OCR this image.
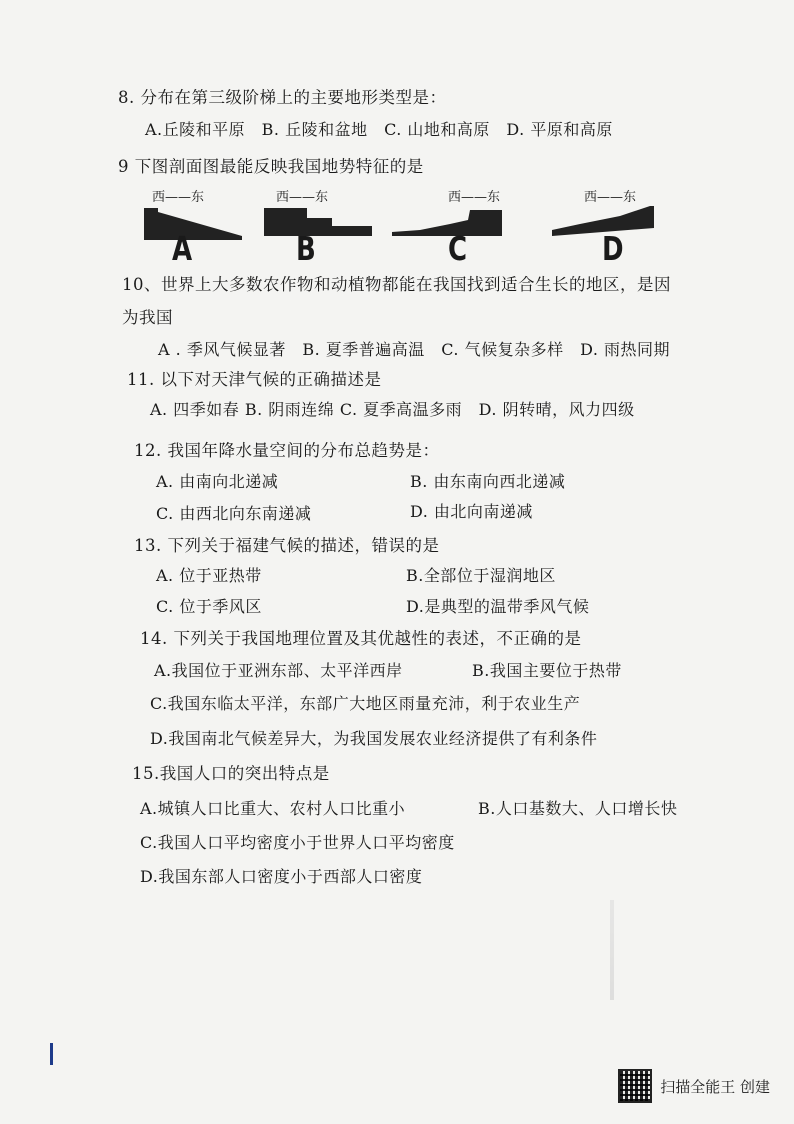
8. 分布在第三级阶梯上的主要地形类型是：
A.丘陵和平原　B. 丘陵和盆地　C. 山地和高原　D. 平原和高原
9 下图剖面图最能反映我国地势特征的是
西——东
A
西——东
B
西——东
C
西——东
D
10、世界上大多数农作物和动植物都能在我国找到适合生长的地区，是因
为我国
A . 季风气候显著　B. 夏季普遍高温　C. 气候复杂多样　D. 雨热同期
11. 以下对天津气候的正确描述是
A. 四季如春 B. 阴雨连绵 C. 夏季高温多雨　D. 阴转晴，风力四级
12. 我国年降水量空间的分布总趋势是：
A. 由南向北递减	B. 由东南向西北递减
C. 由西北向东南递减	D. 由北向南递减
13. 下列关于福建气候的描述，错误的是
A. 位于亚热带	B.全部位于湿润地区
C. 位于季风区	D.是典型的温带季风气候
14. 下列关于我国地理位置及其优越性的表述，不正确的是
A.我国位于亚洲东部、太平洋西岸	B.我国主要位于热带
C.我国东临太平洋，东部广大地区雨量充沛，利于农业生产
D.我国南北气候差异大，为我国发展农业经济提供了有利条件
15.我国人口的突出特点是
A.城镇人口比重大、农村人口比重小	B.人口基数大、人口增长快
C.我国人口平均密度小于世界人口平均密度
D.我国东部人口密度小于西部人口密度
扫描全能王 创建
